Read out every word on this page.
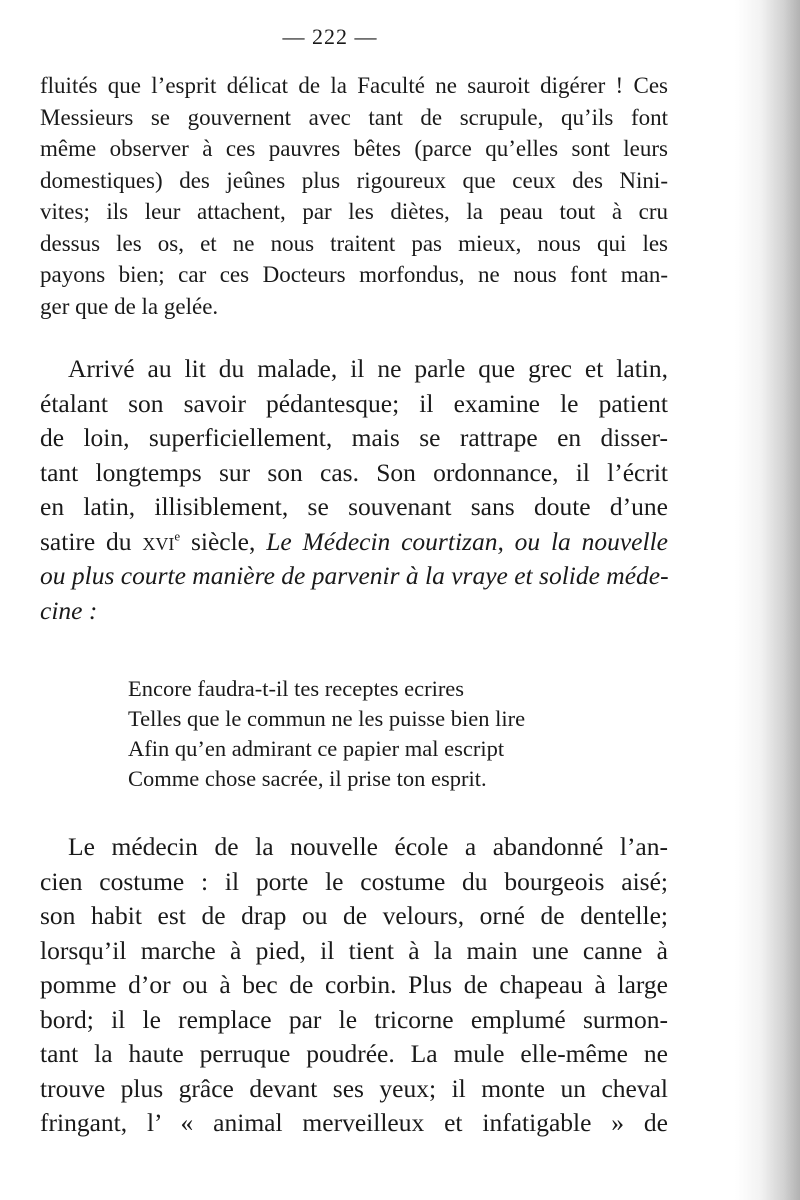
— 222 —
fluités que l’esprit délicat de la Faculté ne sauroit digérer ! Ces
Messieurs se gouvernent avec tant de scrupule, qu’ils font
même observer à ces pauvres bêtes (parce qu’elles sont leurs
domestiques) des jeûnes plus rigoureux que ceux des Nini-
vites; ils leur attachent, par les diètes, la peau tout à cru
dessus les os, et ne nous traitent pas mieux, nous qui les
payons bien; car ces Docteurs morfondus, ne nous font man-
ger que de la gelée.
Arrivé au lit du malade, il ne parle que grec et latin,
étalant son savoir pédantesque; il examine le patient
de loin, superficiellement, mais se rattrape en disser-
tant longtemps sur son cas. Son ordonnance, il l’écrit
en latin, illisiblement, se souvenant sans doute d’une
satire du xvi$^e$ siècle, Le Médecin courtizan, ou la nouvelle
ou plus courte manière de parvenir à la vraye et solide méde-
cine :
Encore faudra-t-il tes receptes ecrires
Telles que le commun ne les puisse bien lire
Afin qu’en admirant ce papier mal escript
Comme chose sacrée, il prise ton esprit.
Le médecin de la nouvelle école a abandonné l’an-
cien costume : il porte le costume du bourgeois aisé;
son habit est de drap ou de velours, orné de dentelle;
lorsqu’il marche à pied, il tient à la main une canne à
pomme d’or ou à bec de corbin. Plus de chapeau à large
bord; il le remplace par le tricorne emplumé surmon-
tant la haute perruque poudrée. La mule elle-même ne
trouve plus grâce devant ses yeux; il monte un cheval
fringant, l’ « animal merveilleux et infatigable » de
